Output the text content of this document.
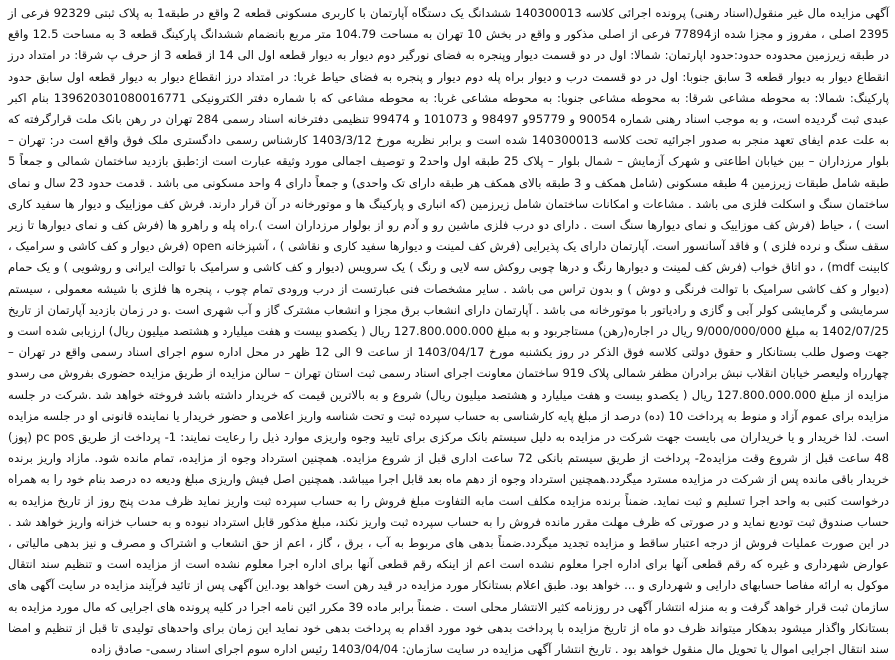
آگهی مزایده مال غیر منقول(اسناد رهنی) پرونده اجرائی کلاسه 140300013 ششدانگ یک دستگاه آپارتمان با کاربری مسکونی قطعه 2 واقع در طبقه1 به پلاک ثبتی 92329 فرعی از 2395 اصلی ، مفروز و مجزا شده از77894 فرعی از اصلی مذکور و واقع در بخش 10 تهران به مساحت 104.79 متر مربع بانضمام ششدانگ پارکینگ قطعه 3 به مساحت 12.5 واقع در طبقه زیرزمین محدوده حدود:حدود اپارتمان: شمالا: اول در دو قسمت دیوار وپنجره به فضای نورگیر دوم دیوار به دیوار قطعه اول الی 14 از قطعه 3 از حرف پ شرقا: در امتداد درز انقطاع دیوار به دیوار قطعه 3 سابق جنوبا: اول در دو قسمت درب و دیوار براه پله دوم دیوار و پنجره به فضای حیاط غربا: در امتداد درز انقطاع دیوار به دیوار قطعه اول سابق حدود پارکینگ: شمالا: به محوطه مشاعی شرقا: به محوطه مشاعی جنوبا: به محوطه مشاعی غربا: به محوطه مشاعی که با شماره دفتر الکترونیکی 139620301080016771 بنام اکبر عبدی ثبت گردیده است، و به موجب اسناد رهنی شماره 90054 و 95779و 98497 و 101073 و 99474 تنظیمی دفترخانه اسناد رسمی 284 تهران در رهن بانک ملت قرارگرفته که به علت عدم ایفای تعهد منجر به صدور اجرائیه تحت کلاسه 140300013 شده است و برابر نظریه مورخ 1403/3/12 کارشناس رسمی دادگستری ملک فوق واقع است در: تهران – بلوار مرزداران – بین خیابان اطاعتی و شهرک آزمایش – شمال بلوار – پلاک 25 طبقه اول واحد2 و توصیف اجمالی مورد وثیقه عبارت است از:طبق بازدید ساختمان شمالی و جمعاً 5 طبقه شامل طبقات زیرزمین 4 طبقه مسکونی (شامل همکف و 3 طبقه بالای همکف هر طبقه دارای تک واحدی) و جمعاً دارای 4 واحد مسکونی می باشد . قدمت حدود 23 سال و نمای ساختمان سنگ و اسکلت فلزی می باشد . مشاعات و امکانات ساختمان شامل زیرزمین (که انباری و پارکینگ ها و موتورخانه در آن قرار دارند. فرش کف موزاییک و دیوار ها سفید کاری است ) ، حیاط (فرش کف موزاییک و نمای دیوارها سنگ است . دارای دو درب فلزی ماشین رو و آدم رو از بولوار مرزداران است ).راه پله و راهرو ها (فرش کف و نمای دیوارها تا زیر سقف سنگ و نرده فلزی ) و فاقد آسانسور است. آپارتمان دارای یک پذیرایی (فرش کف لمینت و دیوارها سفید کاری و نقاشی ) ، آشپزخانه open (فرش دیوار و کف کاشی و سرامیک ، کابینت mdf) ، دو اتاق خواب (فرش کف لمینت و دیوارها رنگ و درها چوبی روکش سه لایی و رنگ ) یک سرویس (دیوار و کف کاشی و سرامیک با توالت ایرانی و روشویی ) و یک حمام (دیوار و کف کاشی سرامیک با توالت فرنگی و دوش ) و بدون تراس می باشد . سایر مشخصات فنی عبارتست از درب ورودی تمام چوب ، پنجره ها فلزی با شیشه معمولی ، سیستم سرمایشی و گرمایشی کولر آبی و گازی و رادیاتور با موتورخانه می باشد . آپارتمان دارای انشعاب برق مجزا و انشعاب مشترک گاز و آب شهری است .و در زمان بازدید آپارتمان از تاریخ 1402/07/25 به مبلغ 9/000/000/000 ریال در اجاره(رهن) مستاجربود و به مبلغ 127.800.000.000 ریال ( یکصدو بیست و هفت میلیارد و هشتصد میلیون ریال) ارزیابی شده است و جهت وصول طلب بستانکار و حقوق دولتی کلاسه فوق الذکر در روز یکشنبه مورخ 1403/04/17 از ساعت 9 الی 12 ظهر در محل اداره سوم اجرای اسناد رسمی واقع در تهران – چهارراه ولیعصر خیابان انقلاب نبش برادران مظفر شمالی پلاک 919 ساختمان معاونت اجرای اسناد رسمی ثبت استان تهران – سالن مزایده از طریق مزایده حضوری بفروش می رسدو مزایده از مبلغ 127.800.000.000 ریال ( یکصدو بیست و هفت میلیارد و هشتصد میلیون ریال) شروع و به بالاترین قیمت که خریدار داشته باشد فروخته خواهد شد .شرکت در جلسه مزایده برای عموم آزاد و منوط به پرداخت 10 (ده) درصد از مبلغ پایه کارشناسی به حساب سپرده ثبت و تحت شناسه واریز اعلامی و حضور خریدار یا نماینده قانونی او در جلسه مزایده است. لذا خریدار و یا خریداران می بایست جهت شرکت در مزایده به دلیل سیستم بانک مرکزی برای تایید وجوه واریزی موارد ذیل را رعایت نمایند: 1- پرداخت از طریق pc pos (پوز) 48 ساعت قبل از شروع وقت مزایده2- پرداخت از طریق سیستم بانکی 72 ساعت اداری قبل از شروع مزایده. همچنین استرداد وجوه از مزایده، تمام مانده شود. مازاد واریز برنده خریدار باقی مانده پس از شرکت در مزایده مسترد میگردد.همچنین استرداد وجوه از دهم ماه بعد قابل اجرا میباشد. همچنین اصل فیش واریزی مبلغ ودیعه ده درصد بنام خود را به همراه درخواست کتبی به واحد اجرا تسلیم و ثبت نماید. ضمناً برنده مزایده مکلف است مابه التفاوت مبلغ فروش را به حساب سپرده ثبت واریز نماید ظرف مدت پنج روز از تاریخ مزایده به حساب صندوق ثبت تودیع نماید و در صورتی که ظرف مهلت مقرر مانده فروش را به حساب سپرده ثبت واریز نکند، مبلغ مذکور قابل استرداد نبوده و به حساب خزانه واریز خواهد شد . در این صورت عملیات فروش از درجه اعتبار ساقط و مزایده تجدید میگردد.ضمناً بدهی های مربوط به آب ، برق ، گاز ، اعم از حق انشعاب و اشتراک و مصرف و نیز بدهی مالیاتی ، عوارض شهرداری و غیره که رقم قطعی آنها برای اداره اجرا معلوم نشده است اعم از اینکه رقم قطعی آنها برای اداره اجرا معلوم نشده است از مزایده است و تنظیم سند انتقال موکول به ارائه مفاصا حسابهای دارایی و شهرداری و ... خواهد بود. طبق اعلام بستانکار مورد مزایده در قید رهن است خواهد بود.این آگهی پس از تائید فرآیند مزایده در سایت آگهی های سازمان ثبت قرار خواهد گرفت و به منزله انتشار آگهی در روزنامه کثیر الانتشار محلی است . ضمناً برابر ماده 39 مکرر ائین نامه اجرا در کلیه پرونده های اجرایی که مال مورد مزایده به بستانکار واگذار میشود بدهکار میتواند ظرف دو ماه از تاریخ مزایده با پرداخت بدهی خود مورد اقدام به پرداخت بدهی خود نماید این زمان برای واحدهای تولیدی تا قبل از تنظیم و امضا سند انتقال اجرایی اموال یا تحویل مال منقول خواهد بود . تاریخ انتشار آگهی مزایده در سایت سازمان: 1403/04/04 رئیس اداره سوم اجرای اسناد رسمی- صادق زاده
